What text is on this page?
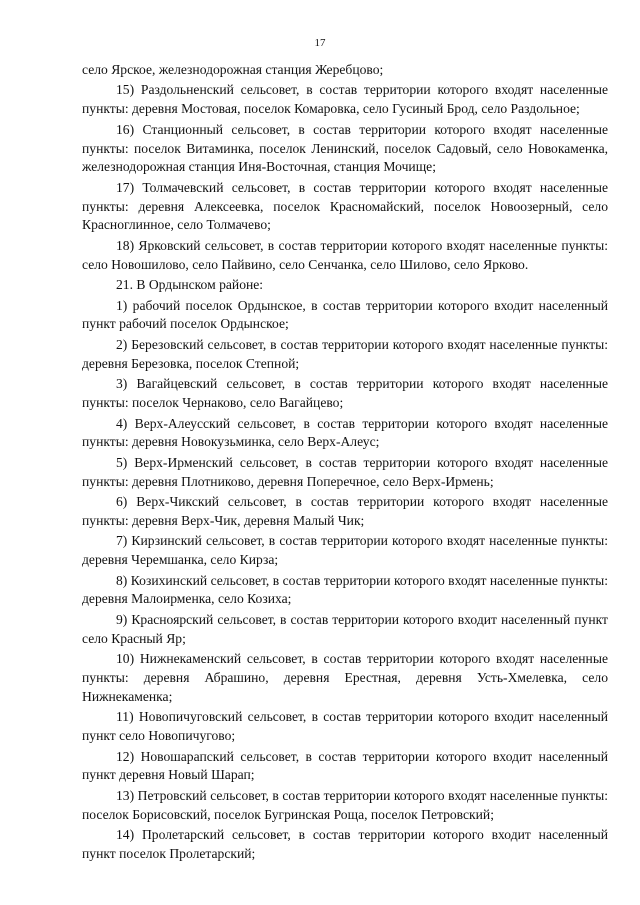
17

село Ярское, железнодорожная станция Жеребцово;

15) Раздольненский сельсовет, в состав территории которого входят населенные пункты: деревня Мостовая, поселок Комаровка, село Гусиный Брод, село Раздольное;

16) Станционный сельсовет, в состав территории которого входят населенные пункты: поселок Витаминка, поселок Ленинский, поселок Садовый, село Новокаменка, железнодорожная станция Иня-Восточная, станция Мочище;

17) Толмачевский сельсовет, в состав территории которого входят населенные пункты: деревня Алексеевка, поселок Красномайский, поселок Новоозерный, село Красноглинное, село Толмачево;

18) Ярковский сельсовет, в состав территории которого входят населенные пункты: село Новошилово, село Пайвино, село Сенчанка, село Шилово, село Ярково.

21. В Ордынском районе:

1) рабочий поселок Ордынское, в состав территории которого входит населенный пункт рабочий поселок Ордынское;

2) Березовский сельсовет, в состав территории которого входят населенные пункты: деревня Березовка, поселок Степной;

3) Вагайцевский сельсовет, в состав территории которого входят населенные пункты: поселок Чернаково, село Вагайцево;

4) Верх-Алеусский сельсовет, в состав территории которого входят населенные пункты: деревня Новокузьминка, село Верх-Алеус;

5) Верх-Ирменский сельсовет, в состав территории которого входят населенные пункты: деревня Плотниково, деревня Поперечное, село Верх-Ирмень;

6) Верх-Чикский сельсовет, в состав территории которого входят населенные пункты: деревня Верх-Чик, деревня Малый Чик;

7) Кирзинский сельсовет, в состав территории которого входят населенные пункты: деревня Черемшанка, село Кирза;

8) Козихинский сельсовет, в состав территории которого входят населенные пункты: деревня Малоирменка, село Козиха;

9) Красноярский сельсовет, в состав территории которого входит населенный пункт село Красный Яр;

10) Нижнекаменский сельсовет, в состав территории которого входят населенные пункты: деревня Абрашино, деревня Ерестная, деревня Усть-Хмелевка, село Нижнекаменка;

11) Новопичуговский сельсовет, в состав территории которого входит населенный пункт село Новопичугово;

12) Новошарапский сельсовет, в состав территории которого входит населенный пункт деревня Новый Шарап;

13) Петровский сельсовет, в состав территории которого входят населенные пункты: поселок Борисовский, поселок Бугринская Роща, поселок Петровский;

14) Пролетарский сельсовет, в состав территории которого входит населенный пункт поселок Пролетарский;
